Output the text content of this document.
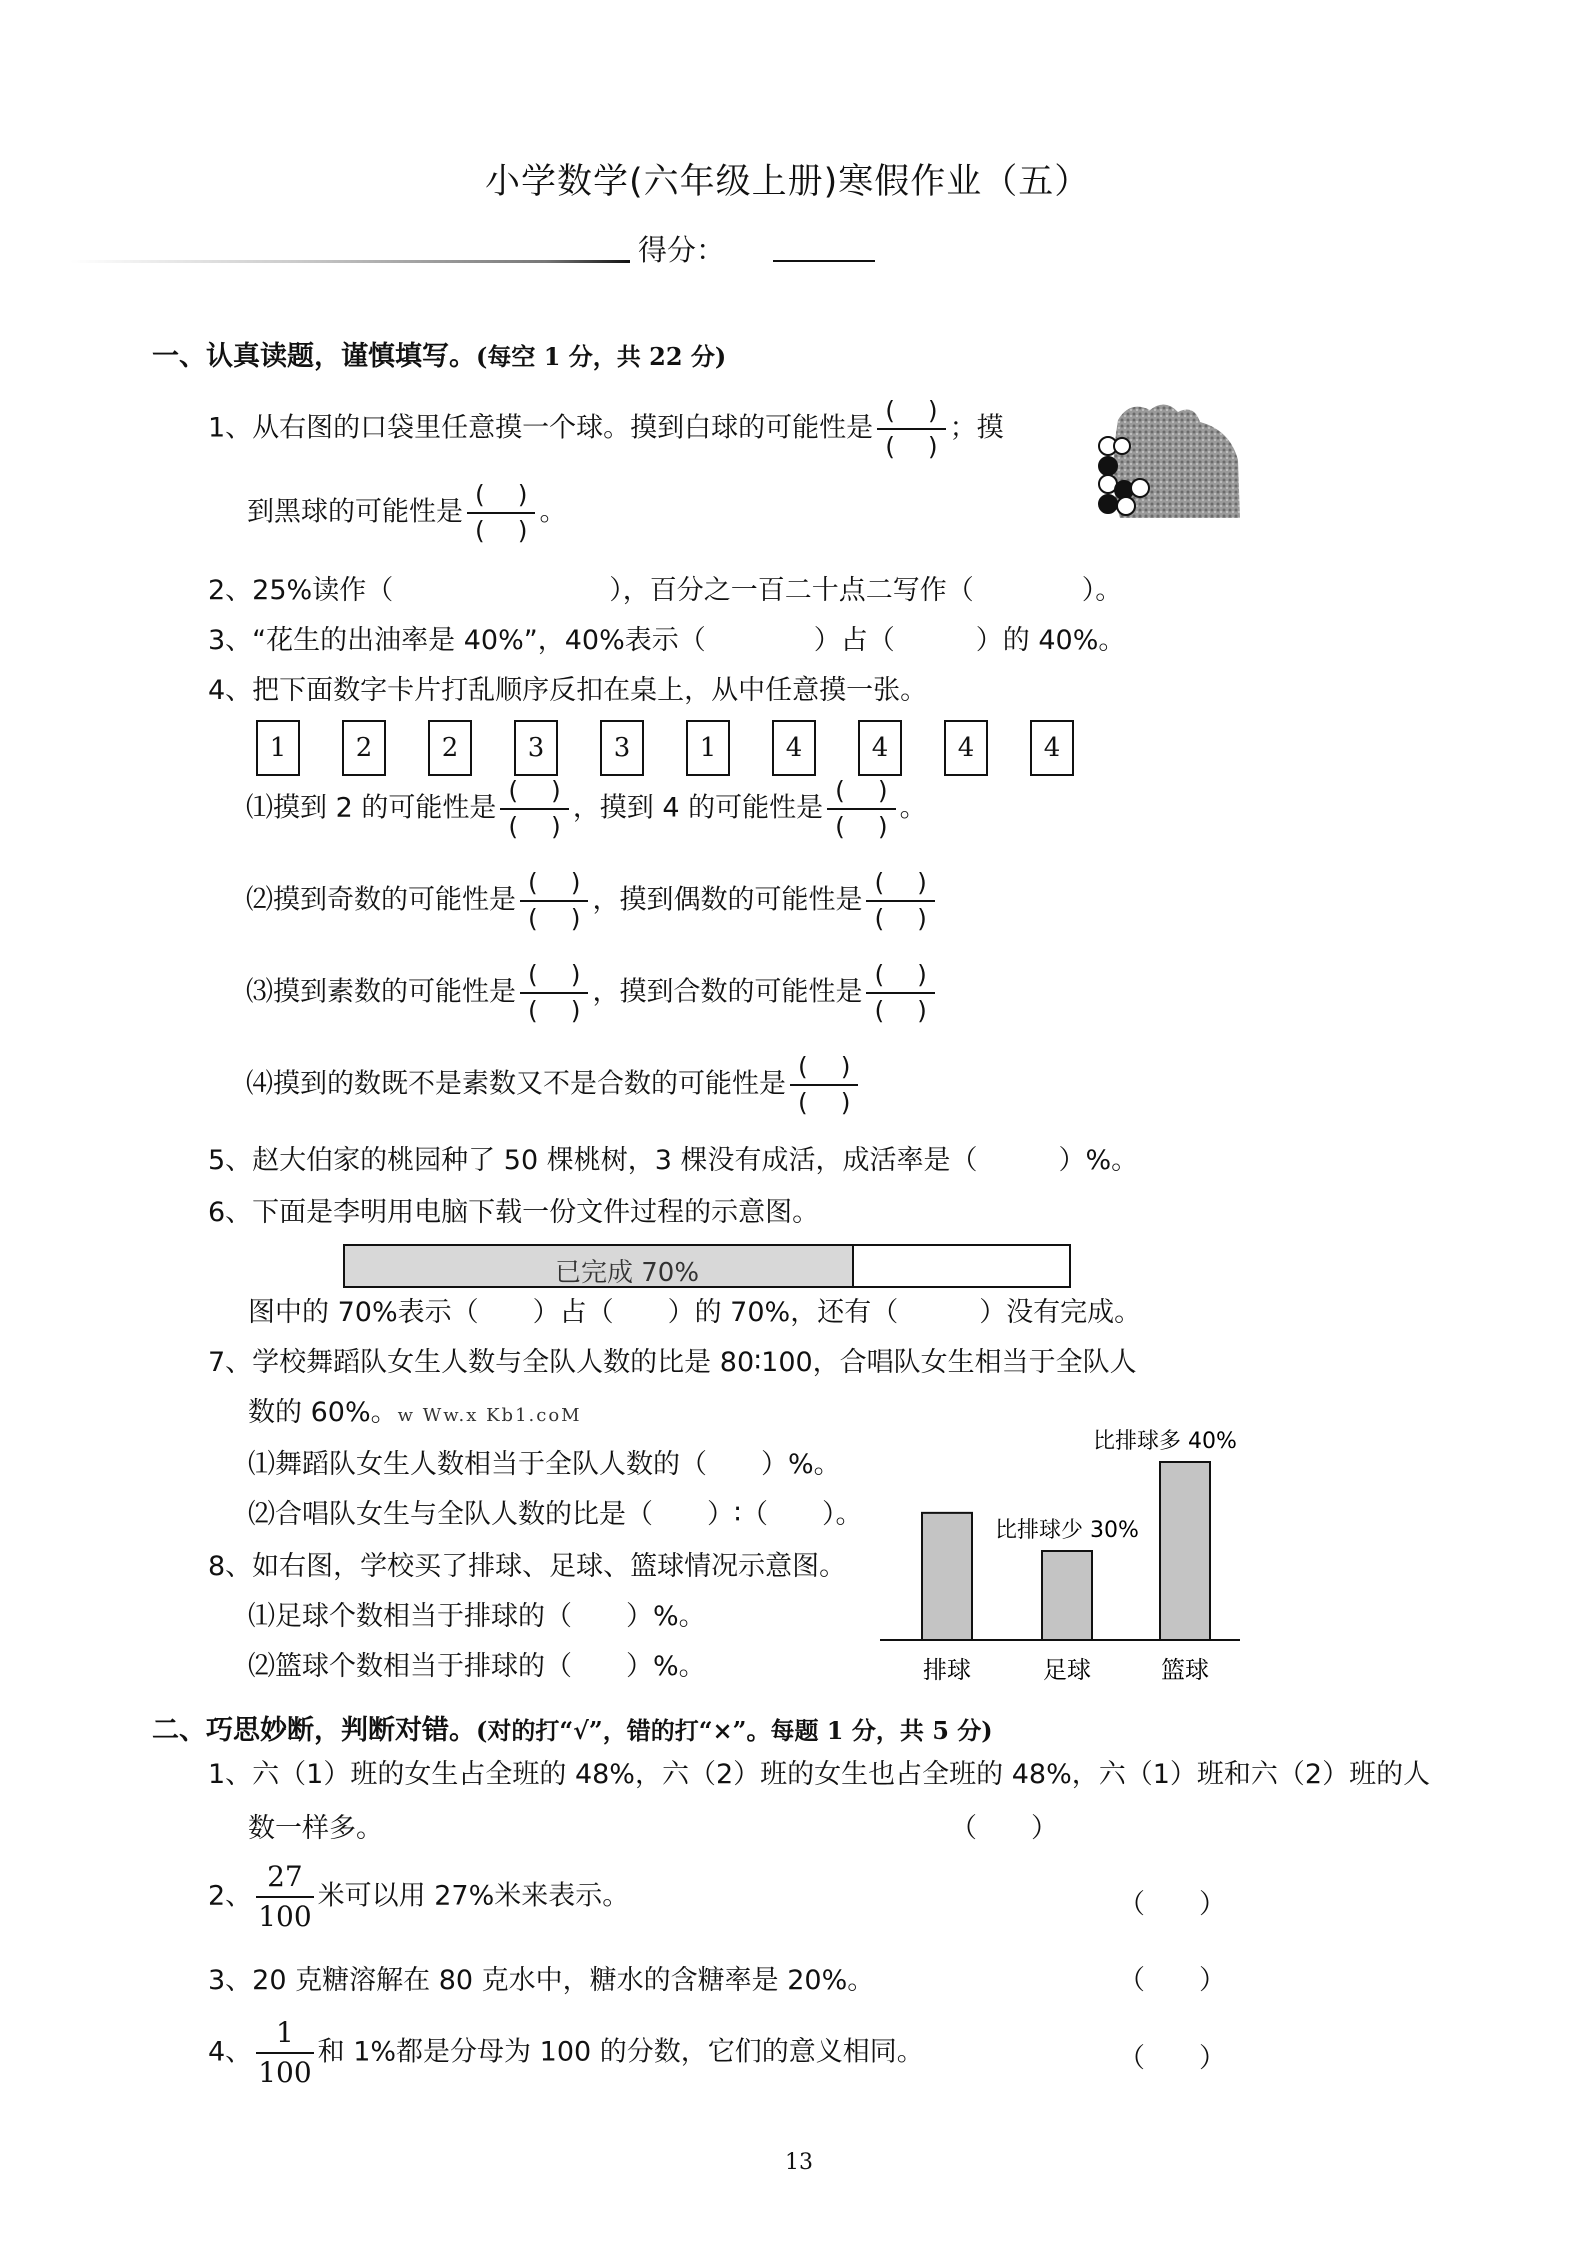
小学数学(六年级上册)寒假作业（五）
得分：
一、认真读题，谨慎填写。(每空 1 分，共 22 分)
1、从右图的口袋里任意摸一个球。摸到白球的可能性是 $\frac{( )}{( )}$ ；摸
到黑球的可能性是 $\frac{( )}{( )}$ 。
2、25%读作（　　　　　　　　），百分之一百二十点二写作（　　　　）。
3、“花生的出油率是 40%”，40%表示（　　　　）占（　　　）的 40%。
4、把下面数字卡片打乱顺序反扣在桌上，从中任意摸一张。
1	2	2	3	3	1	4	4	4	4
⑴摸到 2 的可能性是 $\frac{( )}{( )}$ ，摸到 4 的可能性是 $\frac{( )}{( )}$ 。
⑵摸到奇数的可能性是 $\frac{( )}{( )}$ ，摸到偶数的可能性是 $\frac{( )}{( )}$
⑶摸到素数的可能性是 $\frac{( )}{( )}$ ，摸到合数的可能性是 $\frac{( )}{( )}$
⑷摸到的数既不是素数又不是合数的可能性是 $\frac{( )}{( )}$
5、赵大伯家的桃园种了 50 棵桃树，3 棵没有成活，成活率是（　　　）%。
6、下面是李明用电脑下载一份文件过程的示意图。
已完成 70%
图中的 70%表示（　　）占（　　）的 70%，还有（　　　）没有完成。
7、学校舞蹈队女生人数与全队人数的比是 80∶100，合唱队女生相当于全队人
数的 60%。w Ww.x Kb1.coM
⑴舞蹈队女生人数相当于全队人数的（　　）%。
⑵合唱队女生与全队人数的比是（　　）∶（　　）。
8、如右图，学校买了排球、足球、篮球情况示意图。
⑴足球个数相当于排球的（　　）%。
⑵篮球个数相当于排球的（　　）%。	排球	足球
比排球少 30%
篮球
比排球多 40%
二、巧思妙断，判断对错。(对的打“√”，错的打“×”。每题 1 分，共 5 分)
1、六（1）班的女生占全班的 48%，六（2）班的女生也占全班的 48%，六（1）班和六（2）班的人
数一样多。	（　　）
2、 $\frac{27}{100}$ 米可以用 27%米来表示。	（　　）
3、20 克糖溶解在 80 克水中，糖水的含糖率是 20%。	（　　）
4、 $\frac{1}{100}$ 和 1%都是分母为 100 的分数，它们的意义相同。	（　　）
13
